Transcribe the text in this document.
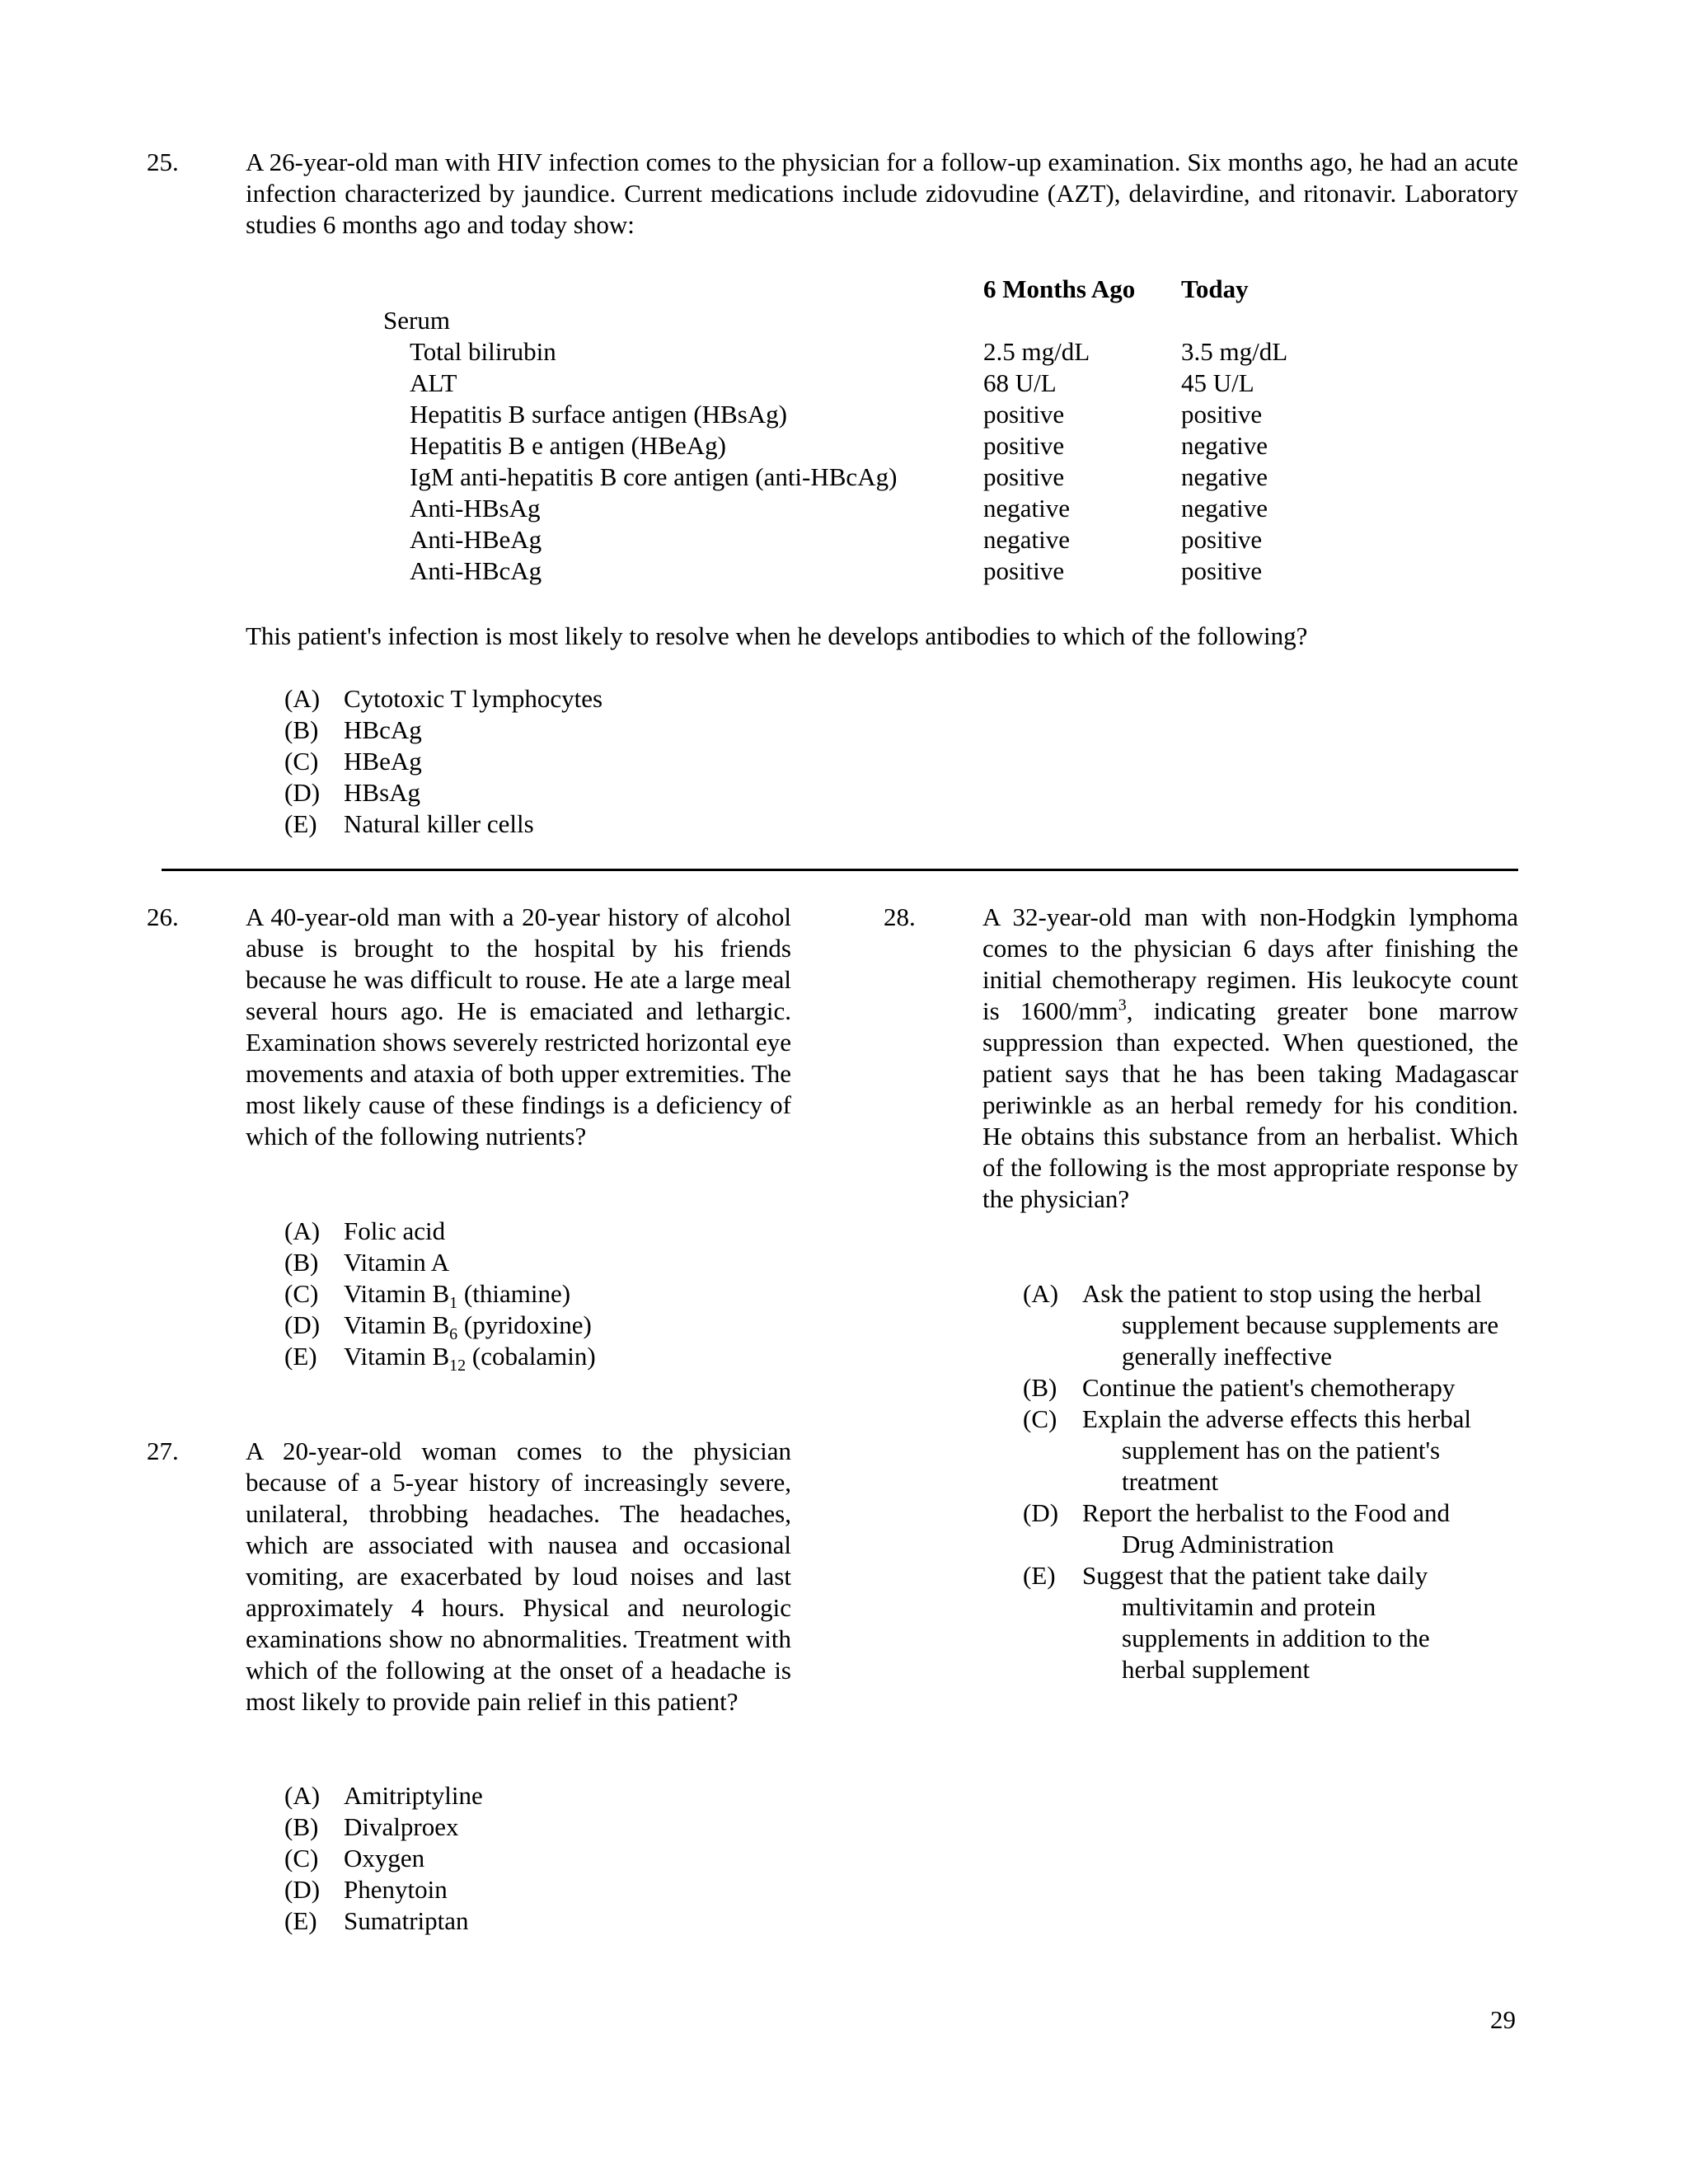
25.	A 26-year-old man with HIV infection comes to the physician for a follow-up examination. Six months ago, he had an acute infection characterized by jaundice. Current medications include zidovudine (AZT), delavirdine, and ritonavir. Laboratory studies 6 months ago and today show:
	6 Months Ago	Today
Serum		
Total bilirubin	2.5 mg/dL	3.5 mg/dL
ALT	68 U/L	45 U/L
Hepatitis B surface antigen (HBsAg)	positive	positive
Hepatitis B e antigen (HBeAg)	positive	negative
IgM anti-hepatitis B core antigen (anti-HBcAg)	positive	negative
Anti-HBsAg	negative	negative
Anti-HBeAg	negative	positive
Anti-HBcAg	positive	positive
This patient's infection is most likely to resolve when he develops antibodies to which of the following?
(A) Cytotoxic T lymphocytes
(B) HBcAg
(C) HBeAg
(D) HBsAg
(E) Natural killer cells
26.	A 40-year-old man with a 20-year history of alcohol abuse is brought to the hospital by his friends because he was difficult to rouse. He ate a large meal several hours ago. He is emaciated and lethargic. Examination shows severely restricted horizontal eye movements and ataxia of both upper extremities. The most likely cause of these findings is a deficiency of which of the following nutrients?
(A) Folic acid
(B) Vitamin A
(C) Vitamin $B_1$ (thiamine)
(D) Vitamin $B_6$ (pyridoxine)
(E) Vitamin $B_{12}$ (cobalamin)
27.	A 20-year-old woman comes to the physician because of a 5-year history of increasingly severe, unilateral, throbbing headaches. The headaches, which are associated with nausea and occasional vomiting, are exacerbated by loud noises and last approximately 4 hours. Physical and neurologic examinations show no abnormalities. Treatment with which of the following at the onset of a headache is most likely to provide pain relief in this patient?
(A) Amitriptyline
(B) Divalproex
(C) Oxygen
(D) Phenytoin
(E) Sumatriptan
28.	A 32-year-old man with non-Hodgkin lymphoma comes to the physician 6 days after finishing the initial chemotherapy regimen. His leukocyte count is $1600/mm^3$, indicating greater bone marrow suppression than expected. When questioned, the patient says that he has been taking Madagascar periwinkle as an herbal remedy for his condition. He obtains this substance from an herbalist. Which of the following is the most appropriate response by the physician?
(A) Ask the patient to stop using the herbal
supplement because supplements are
generally ineffective
(B) Continue the patient's chemotherapy
(C) Explain the adverse effects this herbal
supplement has on the patient's
treatment
(D) Report the herbalist to the Food and
Drug Administration
(E) Suggest that the patient take daily
multivitamin and protein
supplements in addition to the
herbal supplement
29
